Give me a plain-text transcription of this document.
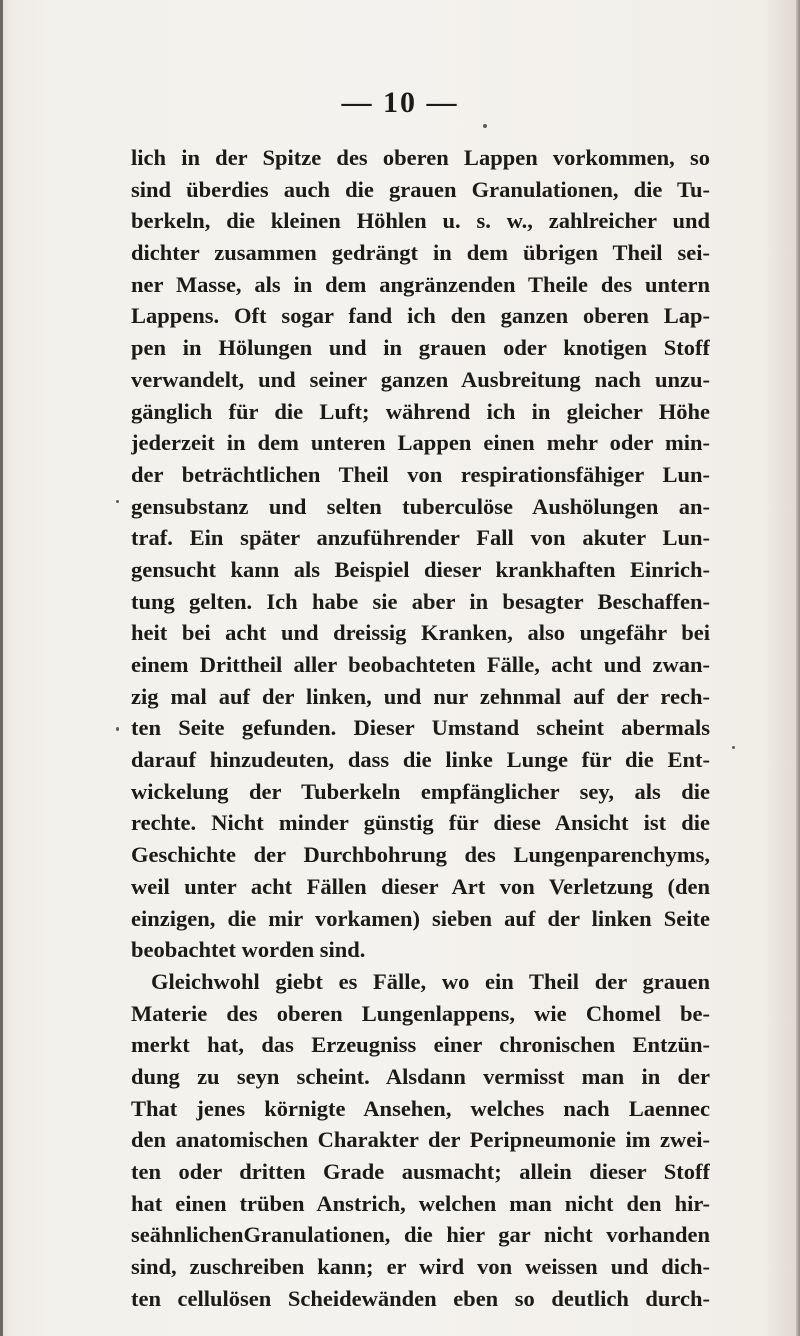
— 10 —
lich in der Spitze des oberen Lappen vorkommen, so
sind überdies auch die grauen Granulationen, die Tu-
berkeln, die kleinen Höhlen u. s. w., zahlreicher und
dichter zusammen gedrängt in dem übrigen Theil sei-
ner Masse, als in dem angränzenden Theile des untern
Lappens. Oft sogar fand ich den ganzen oberen Lap-
pen in Hölungen und in grauen oder knotigen Stoff
verwandelt, und seiner ganzen Ausbreitung nach unzu-
gänglich für die Luft; während ich in gleicher Höhe
jederzeit in dem unteren Lappen einen mehr oder min-
der beträchtlichen Theil von respirationsfähiger Lun-
gensubstanz und selten tuberculöse Aushölungen an-
traf. Ein später anzuführender Fall von akuter Lun-
gensucht kann als Beispiel dieser krankhaften Einrich-
tung gelten. Ich habe sie aber in besagter Beschaffen-
heit bei acht und dreissig Kranken, also ungefähr bei
einem Drittheil aller beobachteten Fälle, acht und zwan-
zig mal auf der linken, und nur zehnmal auf der rech-
ten Seite gefunden. Dieser Umstand scheint abermals
darauf hinzudeuten, dass die linke Lunge für die Ent-
wickelung der Tuberkeln empfänglicher sey, als die
rechte. Nicht minder günstig für diese Ansicht ist die
Geschichte der Durchbohrung des Lungenparenchyms,
weil unter acht Fällen dieser Art von Verletzung (den
einzigen, die mir vorkamen) sieben auf der linken Seite
beobachtet worden sind.
Gleichwohl giebt es Fälle, wo ein Theil der grauen
Materie des oberen Lungenlappens, wie Chomel be-
merkt hat, das Erzeugniss einer chronischen Entzün-
dung zu seyn scheint. Alsdann vermisst man in der
That jenes körnigte Ansehen, welches nach Laennec
den anatomischen Charakter der Peripneumonie im zwei-
ten oder dritten Grade ausmacht; allein dieser Stoff
hat einen trüben Anstrich, welchen man nicht den hir-
seähnlichenGranulationen, die hier gar nicht vorhanden
sind, zuschreiben kann; er wird von weissen und dich-
ten cellulösen Scheidewänden eben so deutlich durch-
